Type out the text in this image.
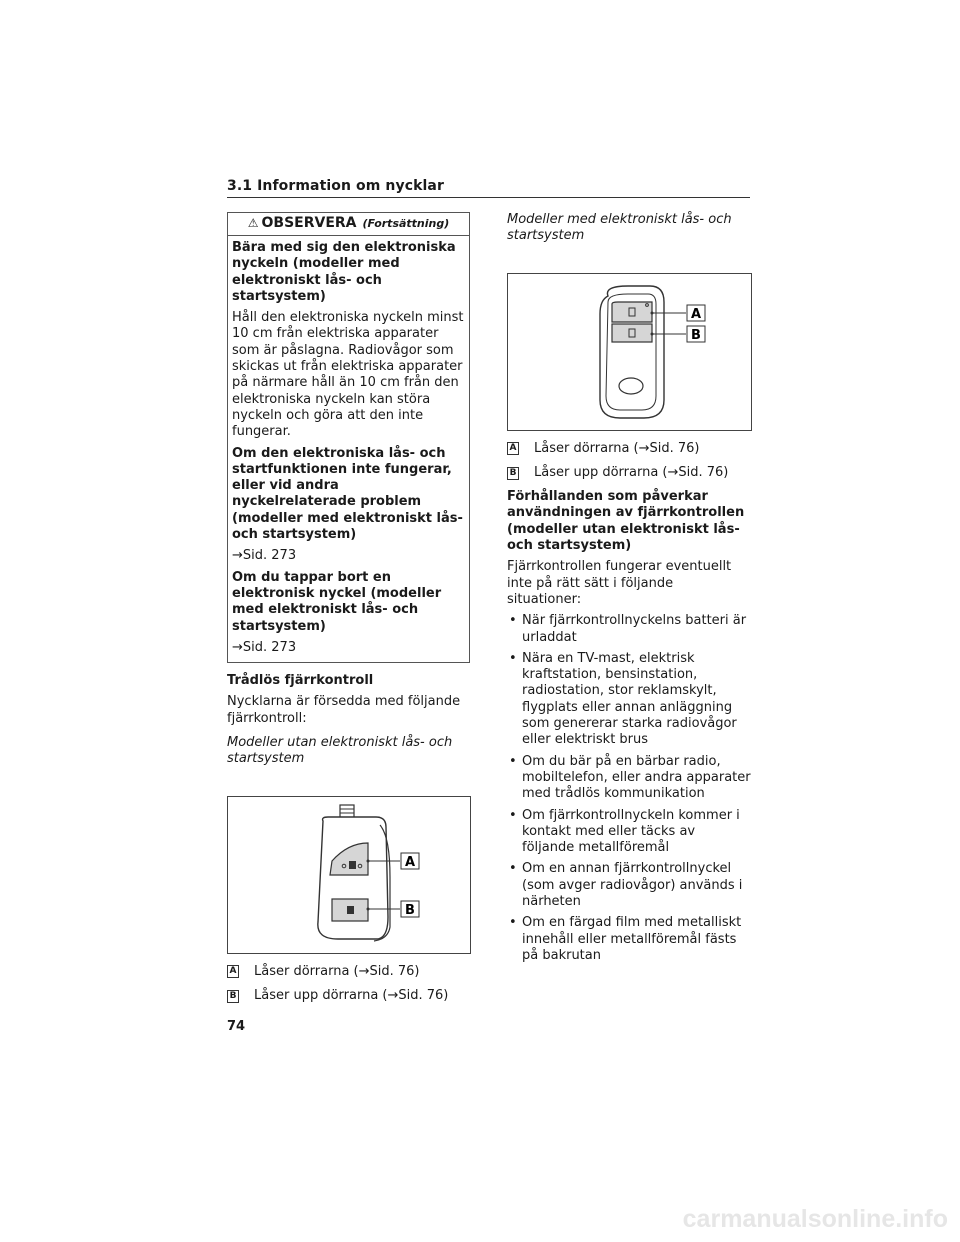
3.1 Information om nycklar
⚠ OBSERVERA (Fortsättning)

Bära med sig den elektroniska nyckeln (modeller med elektroniskt lås- och startsystem)

Håll den elektroniska nyckeln minst 10 cm från elektriska apparater som är påslagna. Radiovågor som skickas ut från elektriska apparater på närmare håll än 10 cm från den elektroniska nyckeln kan störa nyckeln och göra att den inte fungerar.

Om den elektroniska lås- och startfunktionen inte fungerar, eller vid andra nyckelrelaterade problem (modeller med elektroniskt lås- och startsystem)

→Sid. 273

Om du tappar bort en elektronisk nyckel (modeller med elektroniskt lås- och startsystem)

→Sid. 273

Trådlös fjärrkontroll

Nycklarna är försedda med följande fjärrkontroll:

Modeller utan elektroniskt lås- och startsystem

A
B
A Låser dörrarna (→Sid. 76)
B Låser upp dörrarna (→Sid. 76)

Modeller med elektroniskt lås- och startsystem

A
B
A Låser dörrarna (→Sid. 76)
B Låser upp dörrarna (→Sid. 76)

Förhållanden som påverkar användningen av fjärrkontrollen (modeller utan elektroniskt lås- och startsystem)

Fjärrkontrollen fungerar eventuellt inte på rätt sätt i följande situationer:

• När fjärrkontrollnyckelns batteri är urladdat
• Nära en TV-mast, elektrisk kraftstation, bensinstation, radiostation, stor reklamskylt, flygplats eller annan anläggning som genererar starka radiovågor eller elektriskt brus
• Om du bär på en bärbar radio, mobiltelefon, eller andra apparater med trådlös kommunikation
• Om fjärrkontrollnyckeln kommer i kontakt med eller täcks av följande metallföremål
• Om en annan fjärrkontrollnyckel (som avger radiovågor) används i närheten
• Om en färgad film med metalliskt innehåll eller metallföremål fästs på bakrutan
74
carmanualsonline.info
